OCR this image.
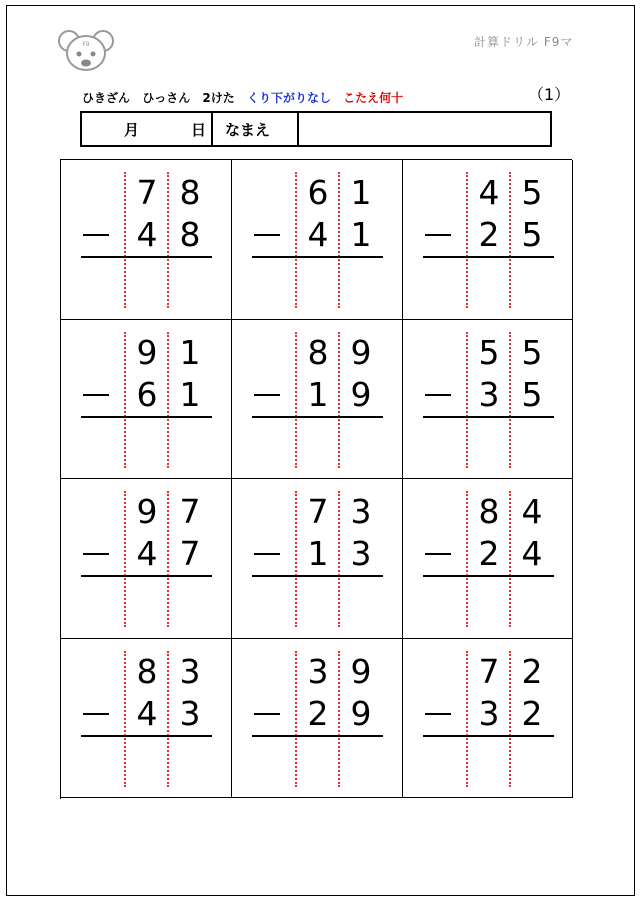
F9	計算ドリル F9マ
ひきざん ひっさん 2けた くり下がりなし こたえ何十	（1）
月	日	なまえ
7 8
4 8
6 1
4 1
4 5
2 5
9 1
6 1
8 9
1 9
5 5
3 5
9 7
4 7
7 3
1 3
8 4
2 4
8 3
4 3
3 9
2 9
7 2
3 2
